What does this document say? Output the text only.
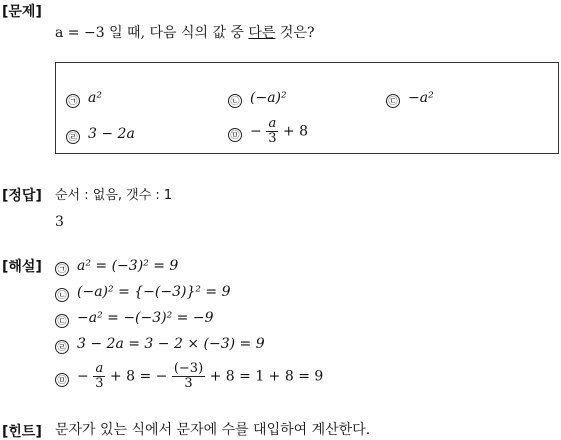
[문제]
a = −3 일 때, 다음 식의 값 중 다른 것은?
㉠ a²	㉡ (−a)²	㉢ −a²
㉣ 3 − 2a	㉤ − $\frac{a}{3} + 8$
[정답] 순서 : 없음, 갯수 : 1
3
[해설] ㉠ a² = (−3)² = 9
㉡ (−a)² = {−(−3)}² = 9
㉢ −a² = −(−3)² = −9
㉣ 3 − 2a = 3 − 2 × (−3) = 9
㉤ − $\frac{a}{3} + 8$ = − $\frac{(-3)}{3} + 8 = 1 + 8 = 9$
[힌트] 문자가 있는 식에서 문자에 수를 대입하여 계산한다.
